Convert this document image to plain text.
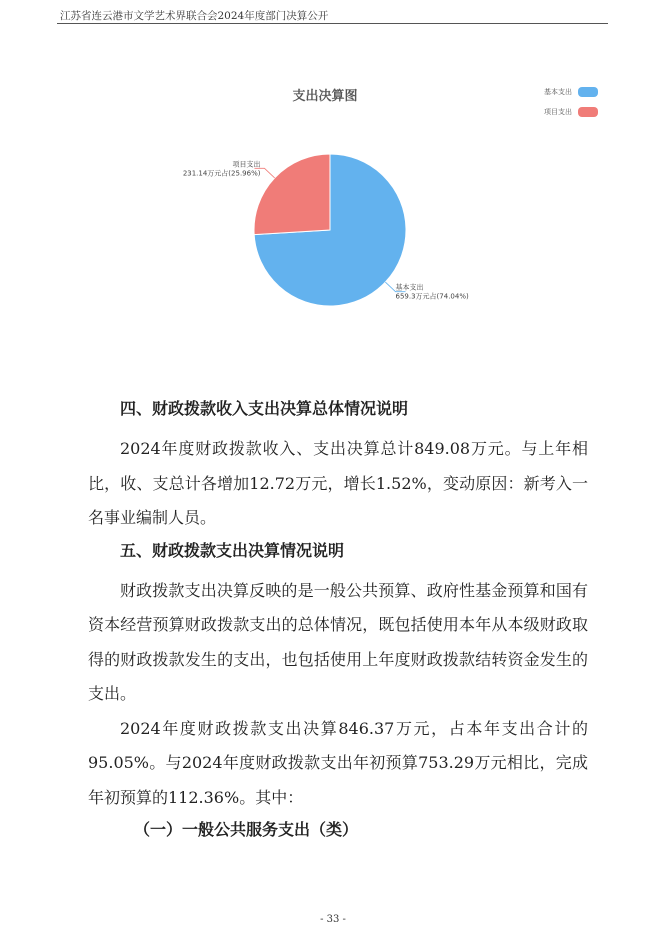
江苏省连云港市文学艺术界联合会2024年度部门决算公开
支出决算图	基本支出
项目支出
基本支出
659.3万元占(74.04%)
项目支出
231.14万元占(25.96%)

四、财政拨款收入支出决算总体情况说明

2024年度财政拨款收入、支出决算总计849.08万元。与上年相比，收、支总计各增加12.72万元，增长1.52%，变动原因：新考入一名事业编制人员。

五、财政拨款支出决算情况说明

财政拨款支出决算反映的是一般公共预算、政府性基金预算和国有资本经营预算财政拨款支出的总体情况，既包括使用本年从本级财政取得的财政拨款发生的支出，也包括使用上年度财政拨款结转资金发生的支出。

2024年度财政拨款支出决算846.37万元，占本年支出合计的95.05%。与2024年度财政拨款支出年初预算753.29万元相比，完成年初预算的112.36%。其中：

（一）一般公共服务支出（类）

- 33 -
